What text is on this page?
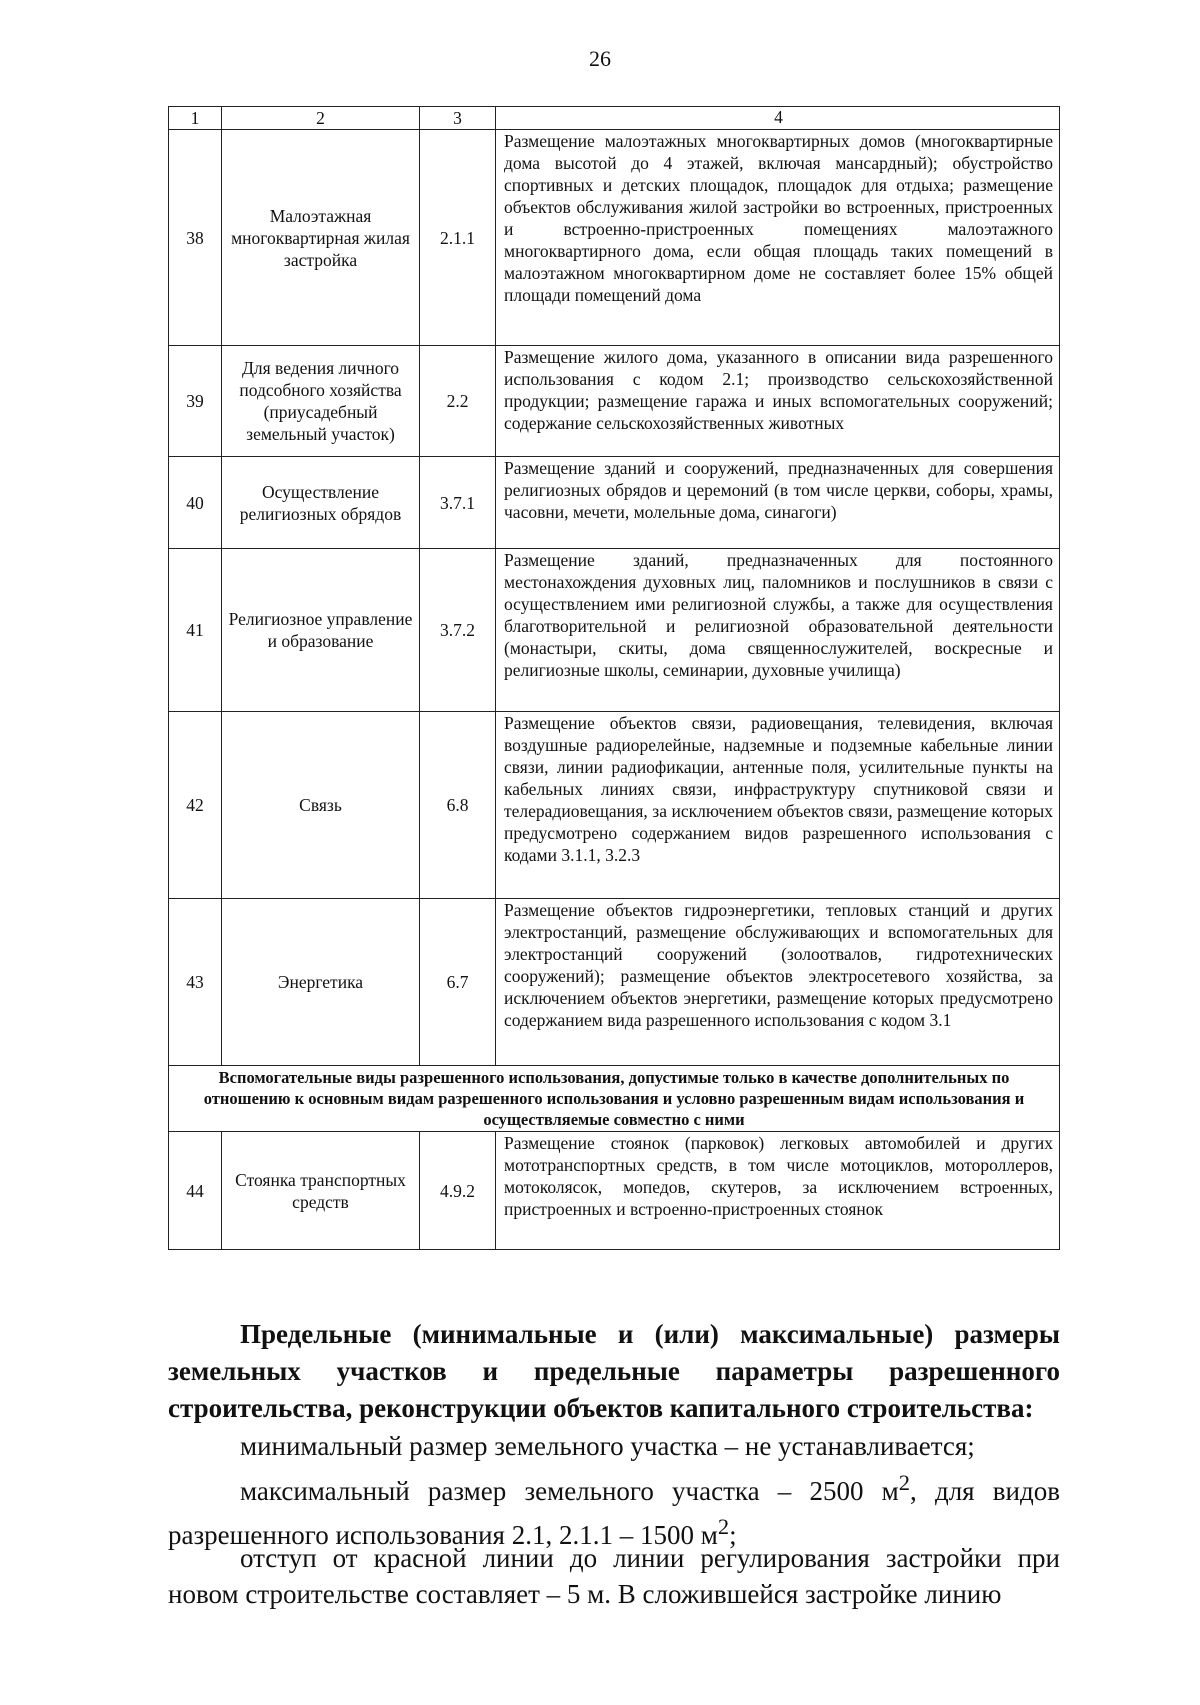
26
1	2	3	4
38	Малоэтажная многоквартирная жилая застройка	2.1.1	Размещение малоэтажных многоквартирных домов (многоквартирные дома высотой до 4 этажей, включая мансардный); обустройство спортивных и детских площадок, площадок для отдыха; размещение объектов обслуживания жилой застройки во встроенных, пристроенных и встроенно-пристроенных помещениях малоэтажного многоквартирного дома, если общая площадь таких помещений в малоэтажном многоквартирном доме не составляет более 15% общей площади помещений дома
39	Для ведения личного подсобного хозяйства (приусадебный земельный участок)	2.2	Размещение жилого дома, указанного в описании вида разрешенного использования с кодом 2.1; производство сельскохозяйственной продукции; размещение гаража и иных вспомогательных сооружений; содержание сельскохозяйственных животных
40	Осуществление религиозных обрядов	3.7.1	Размещение зданий и сооружений, предназначенных для совершения религиозных обрядов и церемоний (в том числе церкви, соборы, храмы, часовни, мечети, молельные дома, синагоги)
41	Религиозное управление и образование	3.7.2	Размещение зданий, предназначенных для постоянного местонахождения духовных лиц, паломников и послушников в связи с осуществлением ими религиозной службы, а также для осуществления благотворительной и религиозной образовательной деятельности (монастыри, скиты, дома священнослужителей, воскресные и религиозные школы, семинарии, духовные училища)
42	Связь	6.8	Размещение объектов связи, радиовещания, телевидения, включая воздушные радиорелейные, надземные и подземные кабельные линии связи, линии радиофикации, антенные поля, усилительные пункты на кабельных линиях связи, инфраструктуру спутниковой связи и телерадиовещания, за исключением объектов связи, размещение которых предусмотрено содержанием видов разрешенного использования с кодами 3.1.1, 3.2.3
43	Энергетика	6.7	Размещение объектов гидроэнергетики, тепловых станций и других электростанций, размещение обслуживающих и вспомогательных для электростанций сооружений (золоотвалов, гидротехнических сооружений); размещение объектов электросетевого хозяйства, за исключением объектов энергетики, размещение которых предусмотрено содержанием вида разрешенного использования с кодом 3.1
Вспомогательные виды разрешенного использования, допустимые только в качестве дополнительных по отношению к основным видам разрешенного использования и условно разрешенным видам использования и осуществляемые совместно с ними			
44	Стоянка транспортных средств	4.9.2	Размещение стоянок (парковок) легковых автомобилей и других мототранспортных средств, в том числе мотоциклов, мотороллеров, мотоколясок, мопедов, скутеров, за исключением встроенных, пристроенных и встроенно-пристроенных стоянок
Предельные (минимальные и (или) максимальные) размеры земельных участков и предельные параметры разрешенного строительства, реконструкции объектов капитального строительства:
минимальный размер земельного участка – не устанавливается;
максимальный размер земельного участка – 2500 $м^2$, для видов разрешенного использования 2.1, 2.1.1 – 1500 $м^2$;
отступ от красной линии до линии регулирования застройки при новом строительстве составляет – 5 м. В сложившейся застройке линию
